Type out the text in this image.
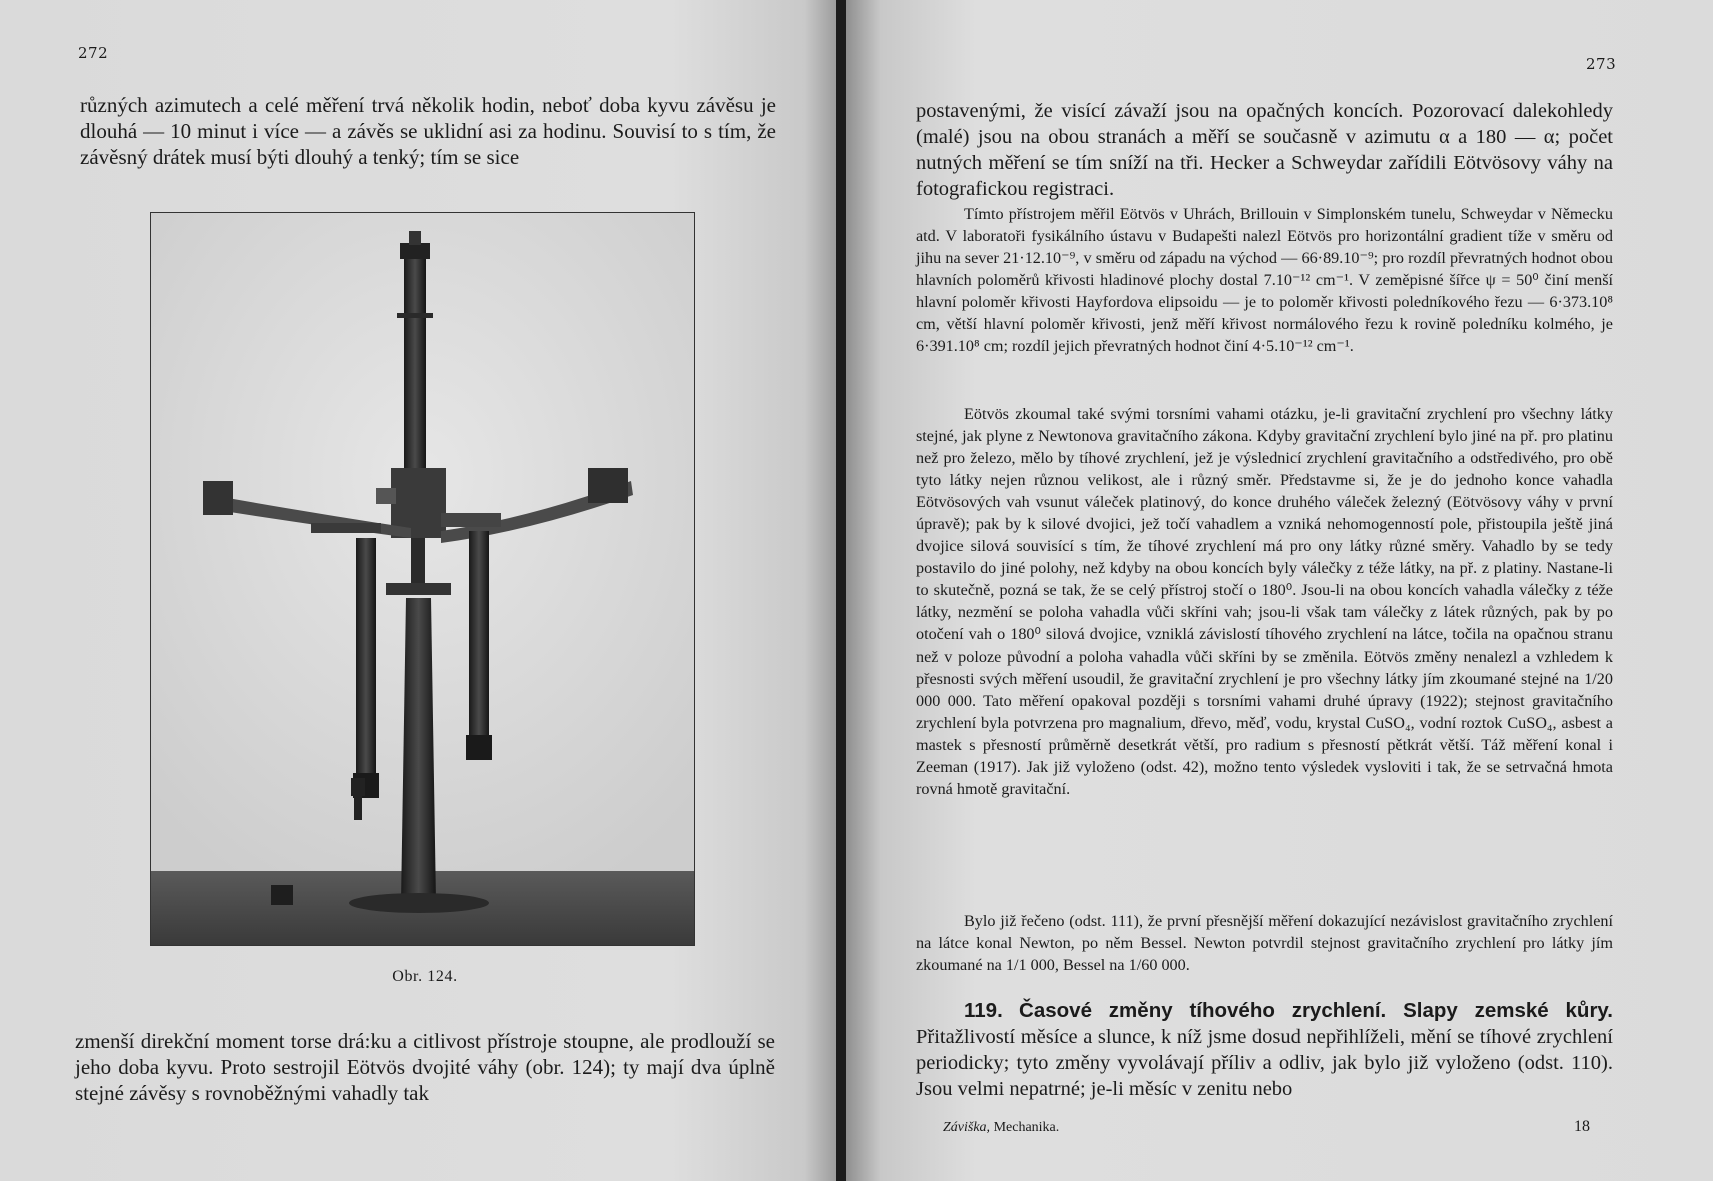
272

různých azimutech a celé měření trvá několik hodin, neboť doba kyvu závěsu je dlouhá — 10 minut i více — a závěs se uklidní asi za hodinu. Souvisí to s tím, že závěsný drátek musí býti dlouhý a tenký; tím se sice

Obr. 124.

zmenší direkční moment torse drá:ku a citlivost přístroje stoupne, ale prodlouží se jeho doba kyvu. Proto sestrojil Eötvös dvojité váhy (obr. 124); ty mají dva úplně stejné závěsy s rovnoběžnými vahadly tak

273

postavenými, že visící závaží jsou na opačných koncích. Pozorovací dalekohledy (malé) jsou na obou stranách a měří se současně v azimutu α a 180 — α; počet nutných měření se tím sníží na tři. Hecker a Schweydar zařídili Eötvösovy váhy na fotografickou registraci.

Tímto přístrojem měřil Eötvös v Uhrách, Brillouin v Simplonském tunelu, Schweydar v Německu atd. V laboratoři fysikálního ústavu v Budapešti nalezl Eötvös pro horizontální gradient tíže v směru od jihu na sever 21·12.10⁻⁹, v směru od západu na východ — 66·89.10⁻⁹; pro rozdíl převratných hodnot obou hlavních poloměrů křivosti hladinové plochy dostal 7.10⁻¹² cm⁻¹. V zeměpisné šířce ψ = 50⁰ činí menší hlavní poloměr křivosti Hayfordova elipsoidu — je to poloměr křivosti poledníkového řezu — 6·373.10⁸ cm, větší hlavní poloměr křivosti, jenž měří křivost normálového řezu k rovině poledníku kolmého, je 6·391.10⁸ cm; rozdíl jejich převratných hodnot činí 4·5.10⁻¹² cm⁻¹.

Eötvös zkoumal také svými torsními vahami otázku, je-li gravitační zrychlení pro všechny látky stejné, jak plyne z Newtonova gravitačního zákona. Kdyby gravitační zrychlení bylo jiné na př. pro platinu než pro železo, mělo by tíhové zrychlení, jež je výslednicí zrychlení gravitačního a odstředivého, pro obě tyto látky nejen různou velikost, ale i různý směr. Představme si, že je do jednoho konce vahadla Eötvösových vah vsunut váleček platinový, do konce druhého váleček železný (Eötvösovy váhy v první úpravě); pak by k silové dvojici, jež točí vahadlem a vzniká nehomogenností pole, přistoupila ještě jiná dvojice silová souvisící s tím, že tíhové zrychlení má pro ony látky různé směry. Vahadlo by se tedy postavilo do jiné polohy, než kdyby na obou koncích byly válečky z téže látky, na př. z platiny. Nastane-li to skutečně, pozná se tak, že se celý přístroj stočí o 180⁰. Jsou-li na obou koncích vahadla válečky z téže látky, nezmění se poloha vahadla vůči skříni vah; jsou-li však tam válečky z látek různých, pak by po otočení vah o 180⁰ silová dvojice, vzniklá závislostí tíhového zrychlení na látce, točila na opačnou stranu než v poloze původní a poloha vahadla vůči skříni by se změnila. Eötvös změny nenalezl a vzhledem k přesnosti svých měření usoudil, že gravitační zrychlení je pro všechny látky jím zkoumané stejné na 1/20 000 000. Tato měření opakoval později s torsními vahami druhé úpravy (1922); stejnost gravitačního zrychlení byla potvrzena pro magnalium, dřevo, měď, vodu, krystal CuSO₄, vodní roztok CuSO₄, asbest a mastek s přesností průměrně desetkrát větší, pro radium s přesností pětkrát větší. Táž měření konal i Zeeman (1917). Jak již vyloženo (odst. 42), možno tento výsledek vysloviti i tak, že se setrvačná hmota rovná hmotě gravitační.

Bylo již řečeno (odst. 111), že první přesnější měření dokazující nezávislost gravitačního zrychlení na látce konal Newton, po něm Bessel. Newton potvrdil stejnost gravitačního zrychlení pro látky jím zkoumané na 1/1 000, Bessel na 1/60 000.

119. Časové změny tíhového zrychlení. Slapy zemské kůry. Přitažlivostí měsíce a slunce, k níž jsme dosud nepřihlíželi, mění se tíhové zrychlení periodicky; tyto změny vyvolávají příliv a odliv, jak bylo již vyloženo (odst. 110). Jsou velmi nepatrné; je-li měsíc v zenitu nebo

Záviška, Mechanika.	18
